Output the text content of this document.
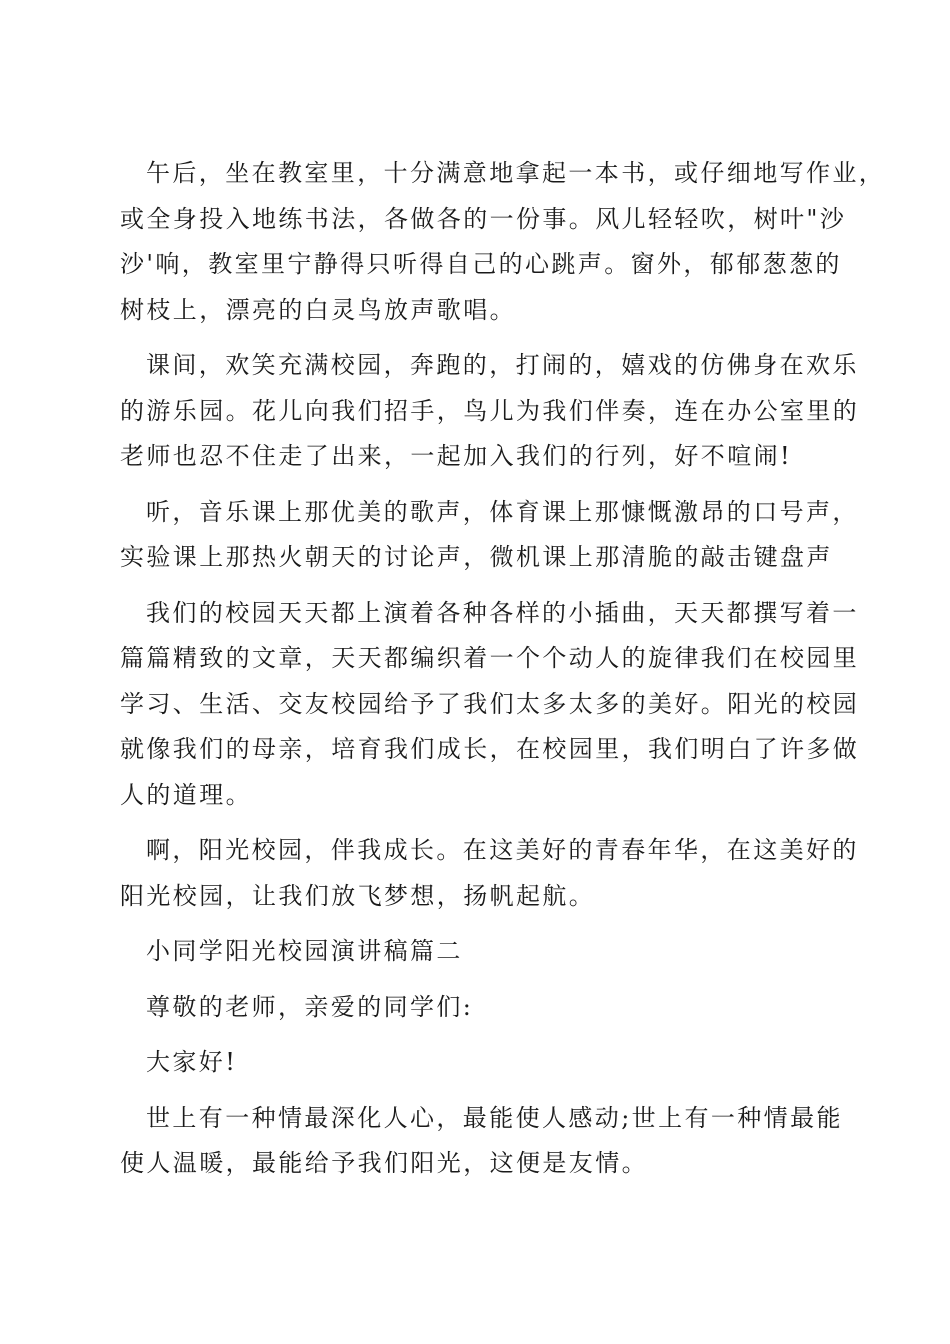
午后，坐在教室里，十分满意地拿起一本书，或仔细地写作业，
或全身投入地练书法，各做各的一份事。风儿轻轻吹，树叶"沙
沙'响，教室里宁静得只听得自己的心跳声。窗外，郁郁葱葱的
树枝上，漂亮的白灵鸟放声歌唱。

课间，欢笑充满校园，奔跑的，打闹的，嬉戏的仿佛身在欢乐
的游乐园。花儿向我们招手，鸟儿为我们伴奏，连在办公室里的
老师也忍不住走了出来，一起加入我们的行列，好不喧闹!

听，音乐课上那优美的歌声，体育课上那慷慨激昂的口号声，
实验课上那热火朝天的讨论声，微机课上那清脆的敲击键盘声

我们的校园天天都上演着各种各样的小插曲，天天都撰写着一
篇篇精致的文章，天天都编织着一个个动人的旋律我们在校园里
学习、生活、交友校园给予了我们太多太多的美好。阳光的校园
就像我们的母亲，培育我们成长，在校园里，我们明白了许多做
人的道理。

啊，阳光校园，伴我成长。在这美好的青春年华，在这美好的
阳光校园，让我们放飞梦想，扬帆起航。

小同学阳光校园演讲稿篇二

尊敬的老师，亲爱的同学们:

大家好!

世上有一种情最深化人心，最能使人感动;世上有一种情最能
使人温暖，最能给予我们阳光，这便是友情。
